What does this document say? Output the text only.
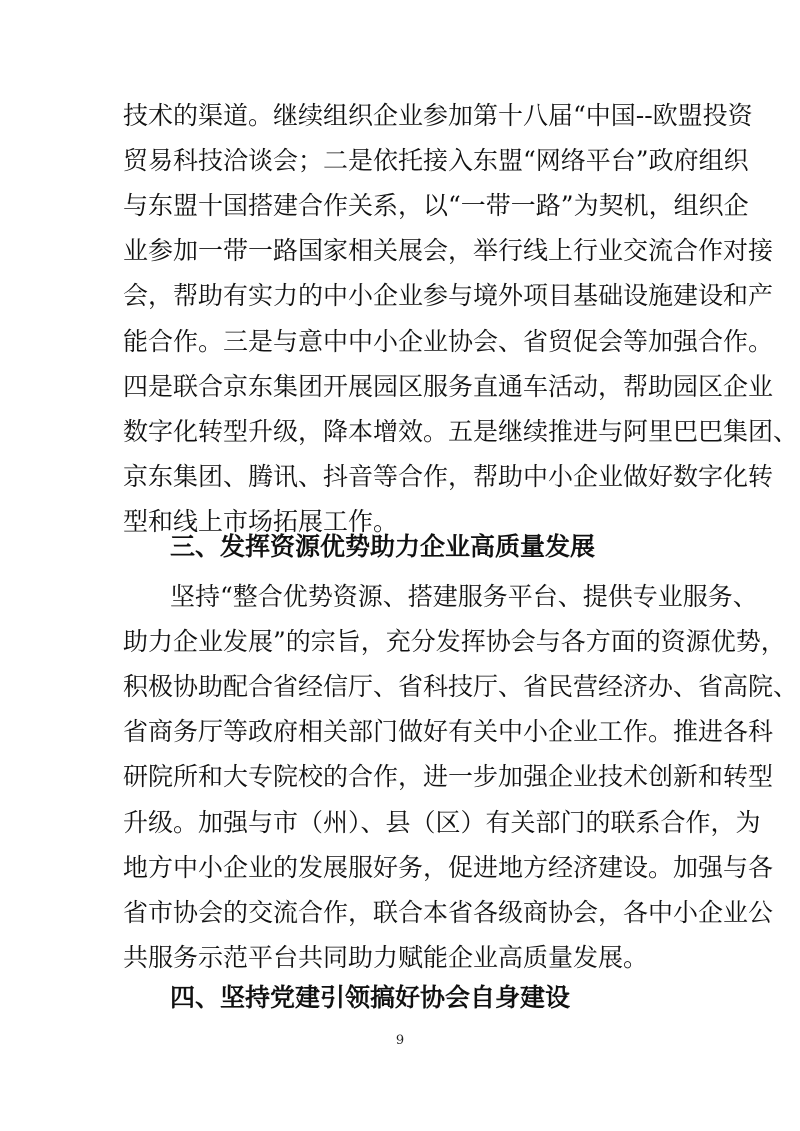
技术的渠道。继续组织企业参加第十八届“中国--欧盟投资
贸易科技洽谈会；二是依托接入东盟“网络平台”政府组织
与东盟十国搭建合作关系，以“一带一路”为契机，组织企
业参加一带一路国家相关展会，举行线上行业交流合作对接
会，帮助有实力的中小企业参与境外项目基础设施建设和产
能合作。三是与意中中小企业协会、省贸促会等加强合作。
四是联合京东集团开展园区服务直通车活动，帮助园区企业
数字化转型升级，降本增效。五是继续推进与阿里巴巴集团、
京东集团、腾讯、抖音等合作，帮助中小企业做好数字化转
型和线上市场拓展工作。
三、发挥资源优势助力企业高质量发展
坚持“整合优势资源、搭建服务平台、提供专业服务、
助力企业发展”的宗旨，充分发挥协会与各方面的资源优势，
积极协助配合省经信厅、省科技厅、省民营经济办、省高院、
省商务厅等政府相关部门做好有关中小企业工作。推进各科
研院所和大专院校的合作，进一步加强企业技术创新和转型
升级。加强与市（州）、县（区）有关部门的联系合作，为
地方中小企业的发展服好务，促进地方经济建设。加强与各
省市协会的交流合作，联合本省各级商协会，各中小企业公
共服务示范平台共同助力赋能企业高质量发展。
四、坚持党建引领搞好协会自身建设
9
